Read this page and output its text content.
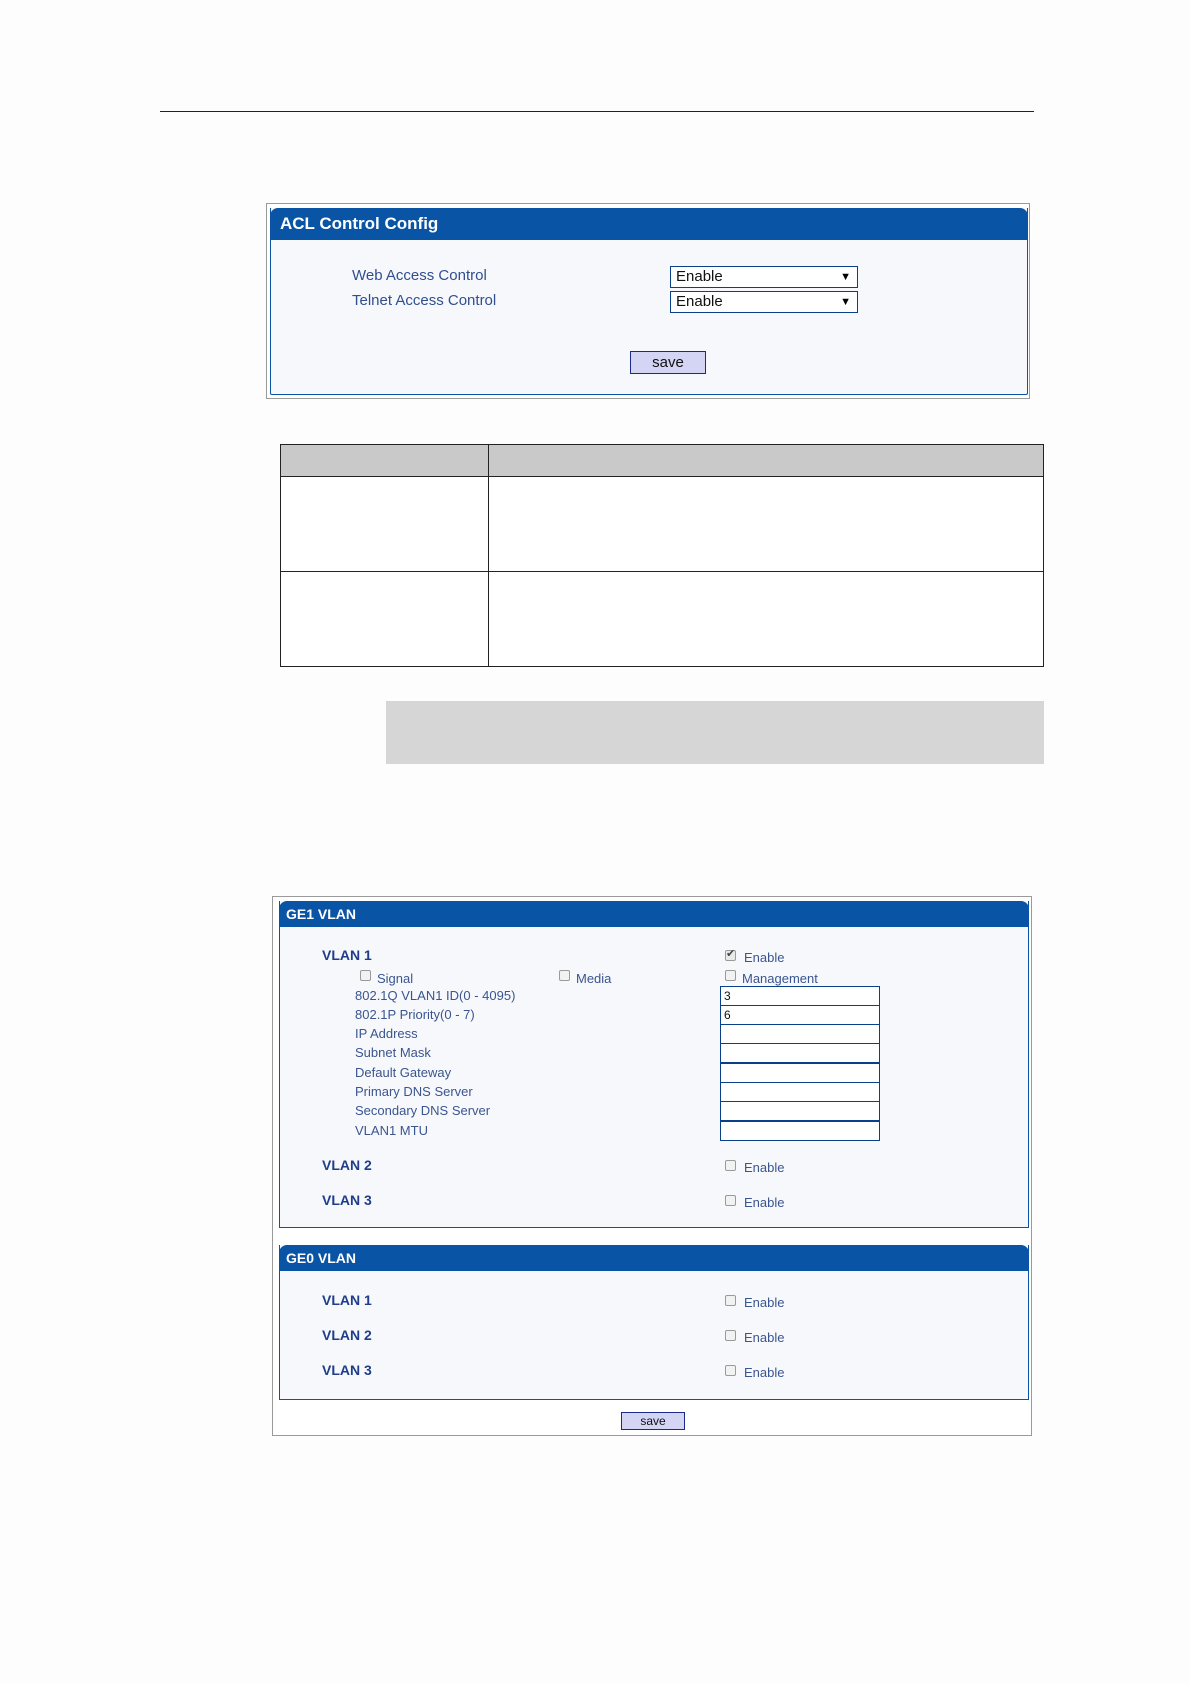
ACL Control Config
Web Access Control	Enable	▼
Telnet Access Control	Enable	▼
save

GE1 VLAN
VLAN 1
✔	Enable
Signal	Media	Management
802.1Q VLAN1 ID(0 - 4095)	3
802.1P Priority(0 - 7)	6
IP Address
Subnet Mask
Default Gateway
Primary DNS Server
Secondary DNS Server
VLAN1 MTU
VLAN 2	Enable
VLAN 3	Enable
GE0 VLAN
VLAN 1	Enable
VLAN 2	Enable
VLAN 3	Enable
save
